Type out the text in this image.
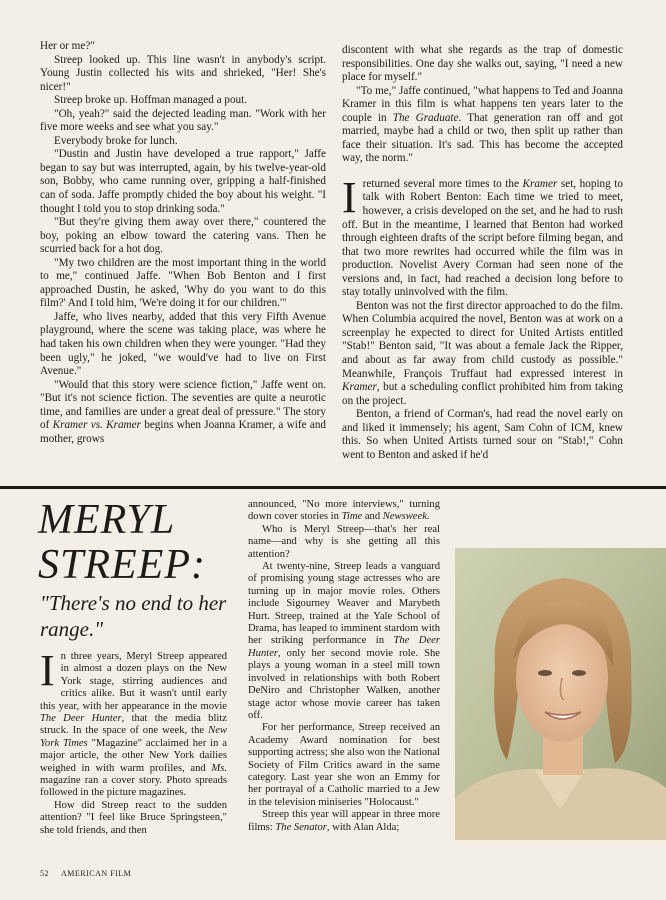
Her or me?"

Streep looked up. This line wasn't in anybody's script. Young Justin collected his wits and shrieked, "Her! She's nicer!"

Streep broke up. Hoffman managed a pout.

"Oh, yeah?" said the dejected leading man. "Work with her five more weeks and see what you say."

Everybody broke for lunch.

"Dustin and Justin have developed a true rapport," Jaffe began to say but was interrupted, again, by his twelve-year-old son, Bobby, who came running over, gripping a half-finished can of soda. Jaffe promptly chided the boy about his weight. "I thought I told you to stop drinking soda."

"But they're giving them away over there," countered the boy, poking an elbow toward the catering vans. Then he scurried back for a hot dog.

"My two children are the most important thing in the world to me," continued Jaffe. "When Bob Benton and I first approached Dustin, he asked, 'Why do you want to do this film?' And I told him, 'We're doing it for our children.'"

Jaffe, who lives nearby, added that this very Fifth Avenue playground, where the scene was taking place, was where he had taken his own children when they were younger. "Had they been ugly," he joked, "we would've had to live on First Avenue."

"Would that this story were science fiction," Jaffe went on. "But it's not science fiction. The seventies are quite a neurotic time, and families are under a great deal of pressure." The story of Kramer vs. Kramer begins when Joanna Kramer, a wife and mother, grows

discontent with what she regards as the trap of domestic responsibilities. One day she walks out, saying, "I need a new place for myself."

"To me," Jaffe continued, "what happens to Ted and Joanna Kramer in this film is what happens ten years later to the couple in The Graduate. That generation ran off and got married, maybe had a child or two, then split up rather than face their situation. It's sad. This has become the accepted way, the norm."

I returned several more times to the Kramer set, hoping to talk with Robert Benton: Each time we tried to meet, however, a crisis developed on the set, and he had to rush off. But in the meantime, I learned that Benton had worked through eighteen drafts of the script before filming began, and that two more rewrites had occurred while the film was in production. Novelist Avery Corman had seen none of the versions and, in fact, had reached a decision long before to stay totally uninvolved with the film.

Benton was not the first director approached to do the film. When Columbia acquired the novel, Benton was at work on a screenplay he expected to direct for United Artists entitled "Stab!" Benton said, "It was about a female Jack the Ripper, and about as far away from child custody as possible." Meanwhile, François Truffaut had expressed interest in Kramer, but a scheduling conflict prohibited him from taking on the project.

Benton, a friend of Corman's, had read the novel early on and liked it immensely; his agent, Sam Cohn of ICM, knew this. So when United Artists turned sour on "Stab!," Cohn went to Benton and asked if he'd

MERYL STREEP:

"There's no end to her range."

In three years, Meryl Streep appeared in almost a dozen plays on the New York stage, stirring audiences and critics alike. But it wasn't until early this year, with her appearance in the movie The Deer Hunter, that the media blitz struck. In the space of one week, the New York Times "Magazine" acclaimed her in a major article, the other New York dailies weighed in with warm profiles, and Ms. magazine ran a cover story. Photo spreads followed in the picture magazines.

How did Streep react to the sudden attention? "I feel like Bruce Springsteen," she told friends, and then

announced, "No more interviews," turning down cover stories in Time and Newsweek.

Who is Meryl Streep—that's her real name—and why is she getting all this attention?

At twenty-nine, Streep leads a vanguard of promising young stage actresses who are turning up in major movie roles. Others include Sigourney Weaver and Marybeth Hurt. Streep, trained at the Yale School of Drama, has leaped to imminent stardom with her striking performance in The Deer Hunter, only her second movie role. She plays a young woman in a steel mill town involved in relationships with both Robert DeNiro and Christopher Walken, another stage actor whose movie career has taken off.

For her performance, Streep received an Academy Award nomination for best supporting actress; she also won the National Society of Film Critics award in the same category. Last year she won an Emmy for her portrayal of a Catholic married to a Jew in the television miniseries "Holocaust."

Streep this year will appear in three more films: The Senator, with Alan Alda;

52 AMERICAN FILM
